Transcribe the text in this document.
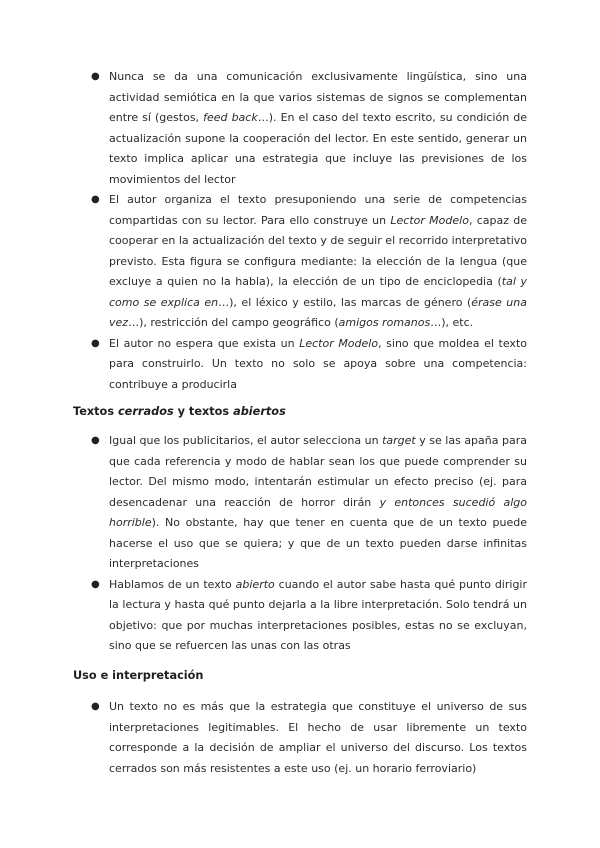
● Nunca se da una comunicación exclusivamente lingüística, sino una actividad semiótica en la que varios sistemas de signos se complementan entre sí (gestos, feed back…). En el caso del texto escrito, su condición de actualización supone la cooperación del lector. En este sentido, generar un texto implica aplicar una estrategia que incluye las previsiones de los movimientos del lector
● El autor organiza el texto presuponiendo una serie de competencias compartidas con su lector. Para ello construye un Lector Modelo, capaz de cooperar en la actualización del texto y de seguir el recorrido interpretativo previsto. Esta figura se configura mediante: la elección de la lengua (que excluye a quien no la habla), la elección de un tipo de enciclopedia (tal y como se explica en…), el léxico y estilo, las marcas de género (érase una vez…), restricción del campo geográfico (amigos romanos…), etc.
● El autor no espera que exista un Lector Modelo, sino que moldea el texto para construirlo. Un texto no solo se apoya sobre una competencia: contribuye a producirla
Textos cerrados y textos abiertos
● Igual que los publicitarios, el autor selecciona un target y se las apaña para que cada referencia y modo de hablar sean los que puede comprender su lector. Del mismo modo, intentarán estimular un efecto preciso (ej. para desencadenar una reacción de horror dirán y entonces sucedió algo horrible). No obstante, hay que tener en cuenta que de un texto puede hacerse el uso que se quiera; y que de un texto pueden darse infinitas interpretaciones
● Hablamos de un texto abierto cuando el autor sabe hasta qué punto dirigir la lectura y hasta qué punto dejarla a la libre interpretación. Solo tendrá un objetivo: que por muchas interpretaciones posibles, estas no se excluyan, sino que se refuercen las unas con las otras
Uso e interpretación
● Un texto no es más que la estrategia que constituye el universo de sus interpretaciones legitimables. El hecho de usar libremente un texto corresponde a la decisión de ampliar el universo del discurso. Los textos cerrados son más resistentes a este uso (ej. un horario ferroviario)
